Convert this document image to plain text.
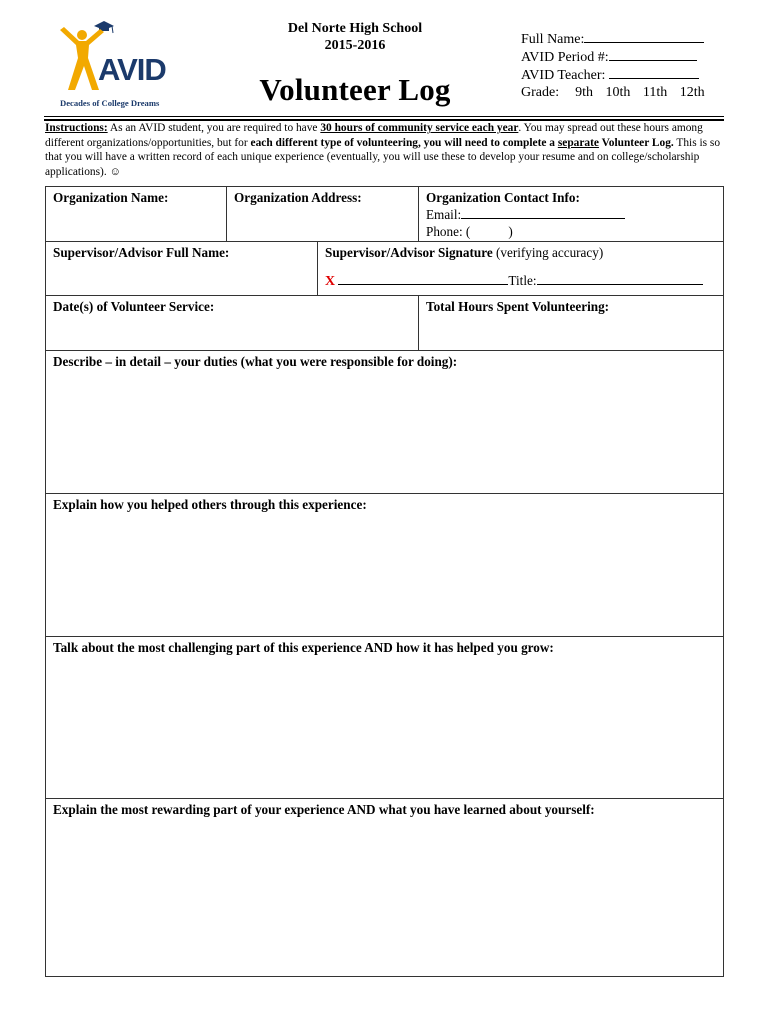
AVID
Decades of College Dreams
Del Norte High School
2015-2016
Volunteer Log
Full Name:
AVID Period #:
AVID Teacher:
Grade: 9th 10th 11th 12th
Instructions: As an AVID student, you are required to have 30 hours of community service each year. You may spread out these hours among different organizations/opportunities, but for each different type of volunteering, you will need to complete a separate Volunteer Log. This is so that you will have a written record of each unique experience (eventually, you will use these to develop your resume and on college/scholarship applications). ☺
Organization Name:	Organization Address:	Organization Contact Info:
Email:
Phone: (	)
Supervisor/Advisor Full Name:	Supervisor/Advisor Signature (verifying accuracy)
X	Title:
Date(s) of Volunteer Service:	Total Hours Spent Volunteering:
Describe – in detail – your duties (what you were responsible for doing):
Explain how you helped others through this experience:
Talk about the most challenging part of this experience AND how it has helped you grow:
Explain the most rewarding part of your experience AND what you have learned about yourself:
